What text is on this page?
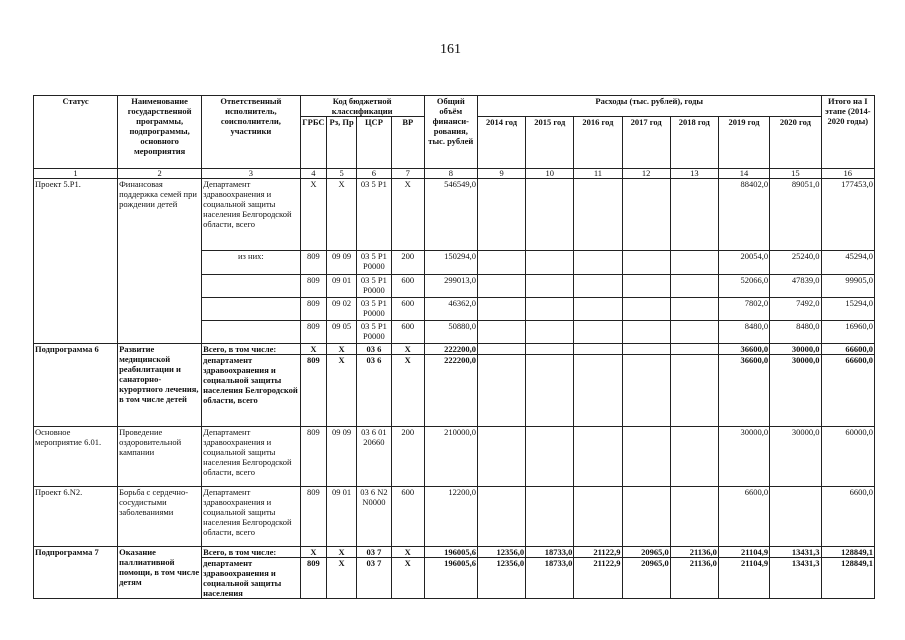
161
Статус	Наименование государственной программы, подпрограммы, основного мероприятия	Ответственный исполнитель, соисполнители, участники	Код бюджетной классификации				Общий объём финанси-рования, тыс. рублей	Расходы (тыс. рублей), годы							Итого на I этапе (2014-2020 годы)
			ГРБС	Рз, Пр	ЦСР	ВР		2014 год	2015 год	2016 год	2017 год	2018 год	2019 год	2020 год	
1	2	3	4	5	6	7	8	9	10	11	12	13	14	15	16
Проект 5.Р1.	Финансовая поддержка семей при рождении детей	Департамент здравоохранения и социальной защиты населения Белгородской области, всего	Х	Х	03 5 Р1	Х	546549,0						88402,0	89051,0	177453,0
		из них:	809	09 09	03 5 Р1 Р0000	200	150294,0						20054,0	25240,0	45294,0
			809	09 01	03 5 Р1 Р0000	600	299013,0						52066,0	47839,0	99905,0
			809	09 02	03 5 Р1 Р0000	600	46362,0						7802,0	7492,0	15294,0
			809	09 05	03 5 Р1 Р0000	600	50880,0						8480,0	8480,0	16960,0
Подпрограмма 6	Развитие медицинской реабилитации и санаторно-курортного лечения, в том числе детей	Всего, в том числе:	Х	Х	03 6	Х	222200,0						36600,0	30000,0	66600,0
		департамент здравоохранения и социальной защиты населения Белгородской области, всего	809	Х	03 6	Х	222200,0						36600,0	30000,0	66600,0
Основное мероприятие 6.01.	Проведение оздоровительной кампании	Департамент здравоохранения и социальной защиты населения Белгородской области, всего	809	09 09	03 6 01 20660	200	210000,0						30000,0	30000,0	60000,0
Проект 6.N2.	Борьба с сердечно-сосудистыми заболеваниями	Департамент здравоохранения и социальной защиты населения Белгородской области, всего	809	09 01	03 6 N2 N0000	600	12200,0						6600,0		6600,0
Подпрограмма 7	Оказание паллиативной помощи, в том числе детям	Всего, в том числе:	Х	Х	03 7	Х	196005,6	12356,0	18733,0	21122,9	20965,0	21136,0	21104,9	13431,3	128849,1
		департамент здравоохранения и социальной защиты населения	809	Х	03 7	Х	196005,6	12356,0	18733,0	21122,9	20965,0	21136,0	21104,9	13431,3	128849,1
